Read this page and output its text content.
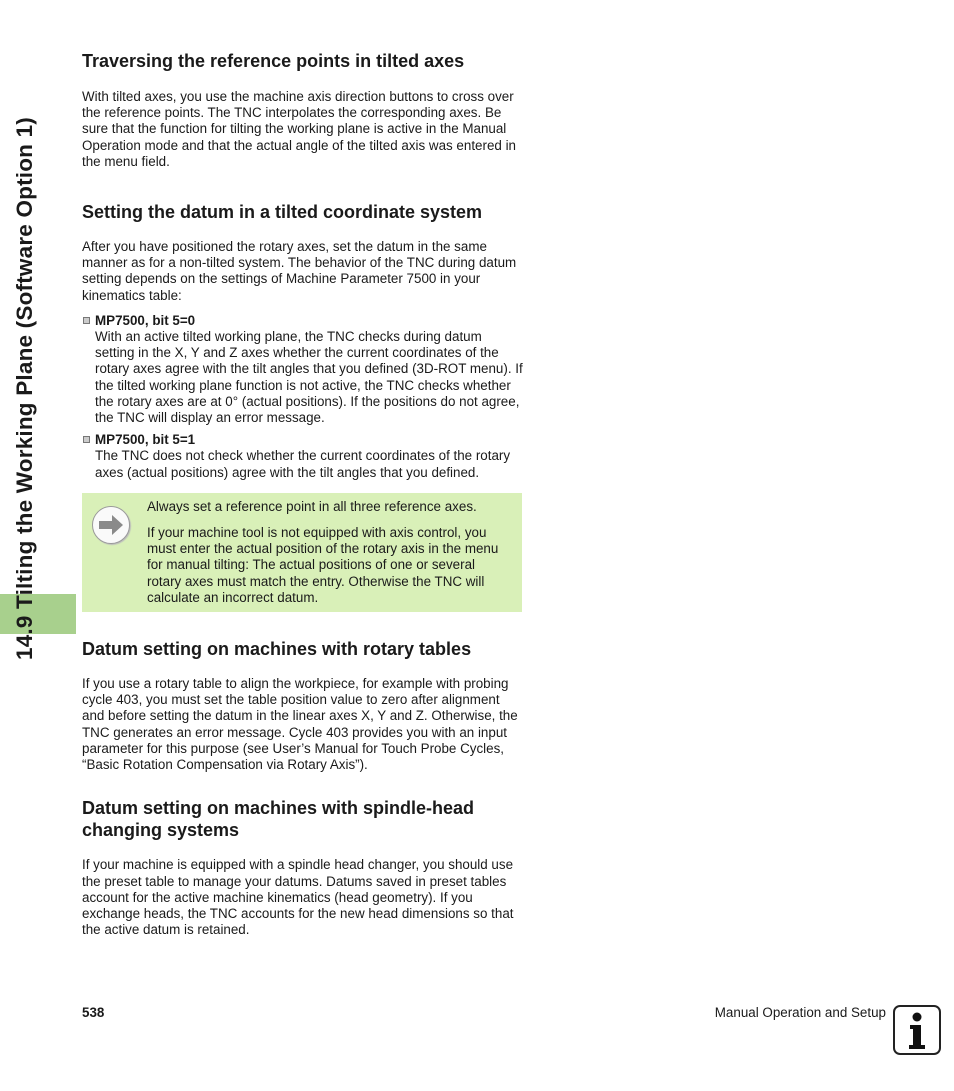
14.9 Tilting the Working Plane (Software Option 1)
Traversing the reference points in tilted axes

With tilted axes, you use the machine axis direction buttons to cross over the reference points. The TNC interpolates the corresponding axes. Be sure that the function for tilting the working plane is active in the Manual Operation mode and that the actual angle of the tilted axis was entered in the menu field.

Setting the datum in a tilted coordinate system

After you have positioned the rotary axes, set the datum in the same manner as for a non-tilted system. The behavior of the TNC during datum setting depends on the settings of Machine Parameter 7500 in your kinematics table:

MP7500, bit 5=0

With an active tilted working plane, the TNC checks during datum setting in the X, Y and Z axes whether the current coordinates of the rotary axes agree with the tilt angles that you defined (3D-ROT menu). If the tilted working plane function is not active, the TNC checks whether the rotary axes are at 0° (actual positions). If the positions do not agree, the TNC will display an error message.

MP7500, bit 5=1

The TNC does not check whether the current coordinates of the rotary axes (actual positions) agree with the tilt angles that you defined.

Always set a reference point in all three reference axes.

If your machine tool is not equipped with axis control, you must enter the actual position of the rotary axis in the menu for manual tilting: The actual positions of one or several rotary axes must match the entry. Otherwise the TNC will calculate an incorrect datum.

Datum setting on machines with rotary tables

If you use a rotary table to align the workpiece, for example with probing cycle 403, you must set the table position value to zero after alignment and before setting the datum in the linear axes X, Y and Z. Otherwise, the TNC generates an error message. Cycle 403 provides you with an input parameter for this purpose (see User’s Manual for Touch Probe Cycles, “Basic Rotation Compensation via Rotary Axis”).

Datum setting on machines with spindle-head changing systems

If your machine is equipped with a spindle head changer, you should use the preset table to manage your datums. Datums saved in preset tables account for the active machine kinematics (head geometry). If you exchange heads, the TNC accounts for the new head dimensions so that the active datum is retained.

538	Manual Operation and Setup
